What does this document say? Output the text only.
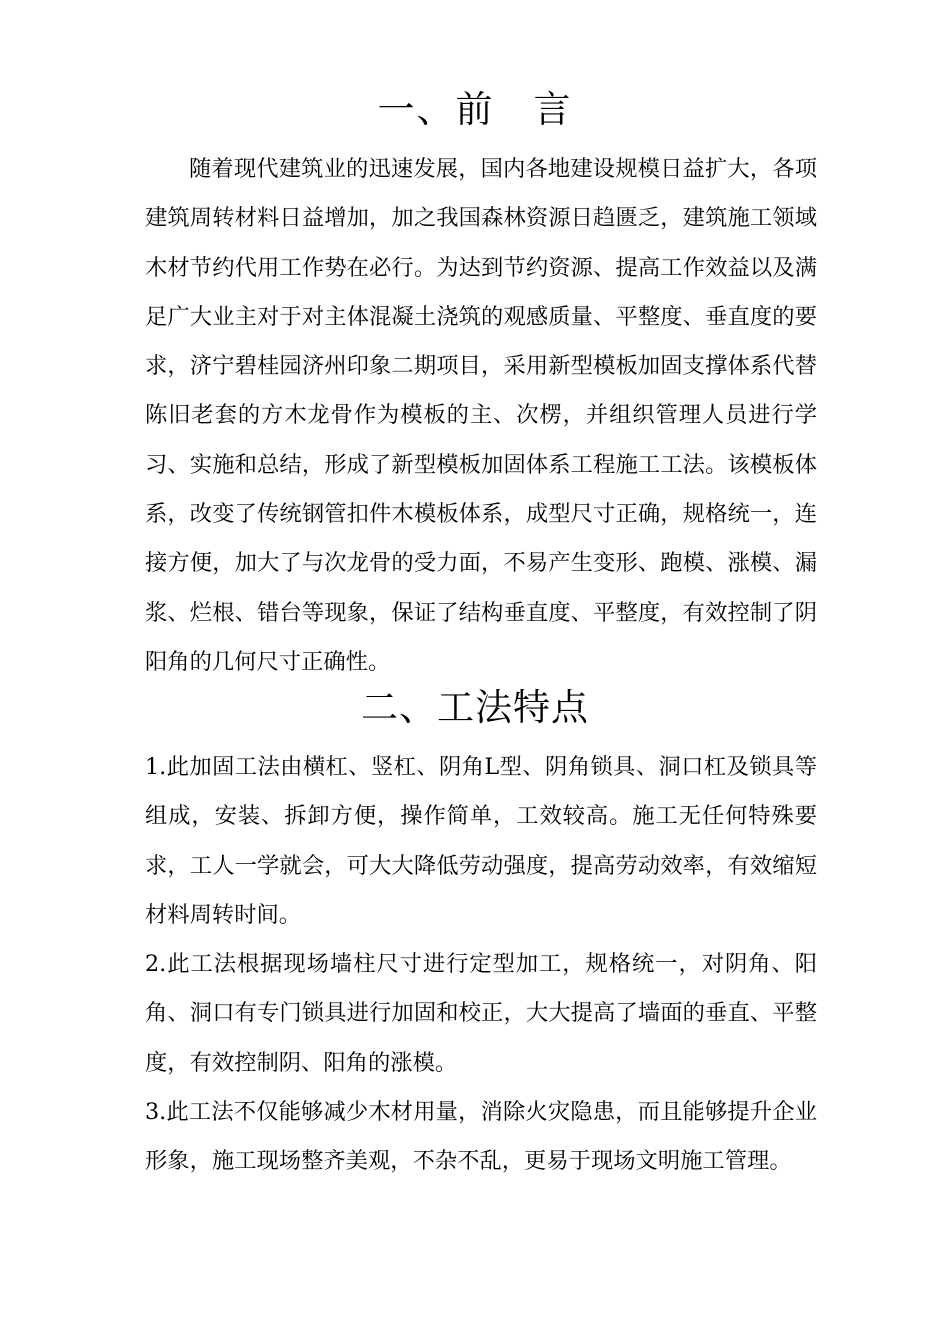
一、前　言

随着现代建筑业的迅速发展，国内各地建设规模日益扩大，各项建筑周转材料日益增加，加之我国森林资源日趋匮乏，建筑施工领域木材节约代用工作势在必行。为达到节约资源、提高工作效益以及满足广大业主对于对主体混凝土浇筑的观感质量、平整度、垂直度的要求，济宁碧桂园济州印象二期项目，采用新型模板加固支撑体系代替陈旧老套的方木龙骨作为模板的主、次楞，并组织管理人员进行学习、实施和总结，形成了新型模板加固体系工程施工工法。该模板体系，改变了传统钢管扣件木模板体系，成型尺寸正确，规格统一，连接方便，加大了与次龙骨的受力面，不易产生变形、跑模、涨模、漏浆、烂根、错台等现象，保证了结构垂直度、平整度，有效控制了阴阳角的几何尺寸正确性。

二、工法特点

1.此加固工法由横杠、竖杠、阴角L型、阴角锁具、洞口杠及锁具等组成，安装、拆卸方便，操作简单，工效较高。施工无任何特殊要求，工人一学就会，可大大降低劳动强度，提高劳动效率，有效缩短材料周转时间。

2.此工法根据现场墙柱尺寸进行定型加工，规格统一，对阴角、阳角、洞口有专门锁具进行加固和校正，大大提高了墙面的垂直、平整度，有效控制阴、阳角的涨模。

3.此工法不仅能够减少木材用量，消除火灾隐患，而且能够提升企业形象，施工现场整齐美观，不杂不乱，更易于现场文明施工管理。
